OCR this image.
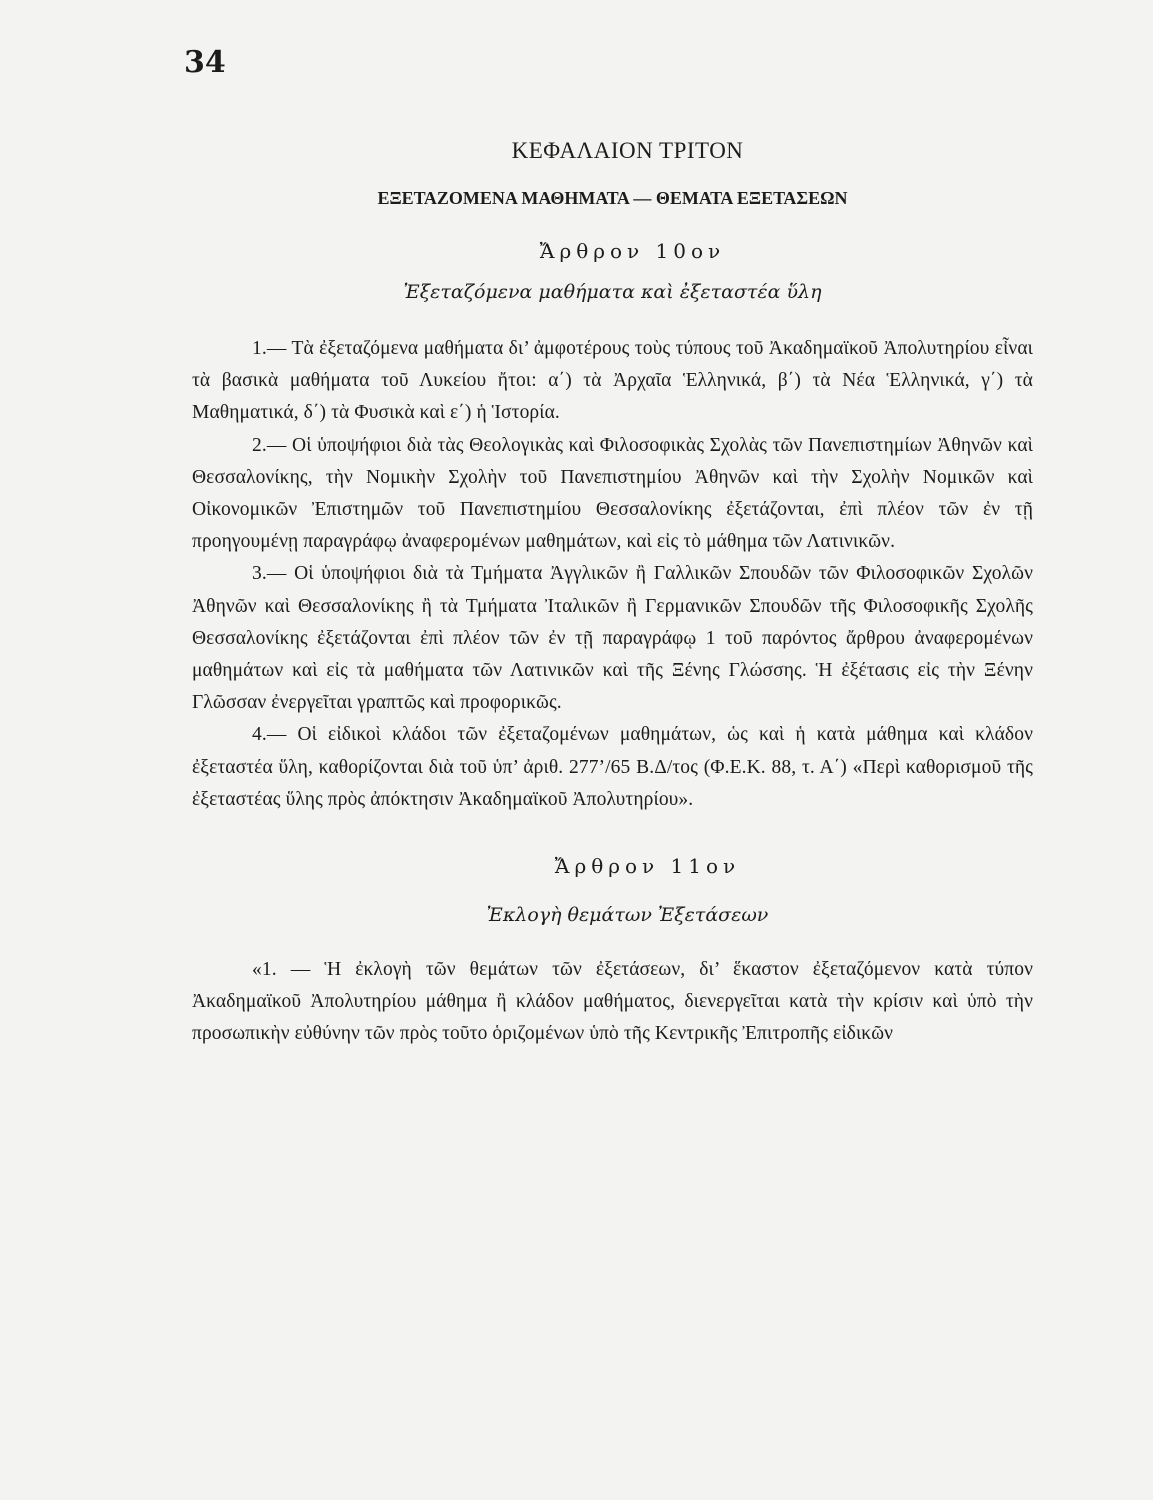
34
ΚΕΦΑΛΑΙΟΝ ΤΡΙΤΟΝ
ΕΞΕΤΑΖΟΜΕΝΑ ΜΑΘΗΜΑΤΑ — ΘΕΜΑΤΑ ΕΞΕΤΑΣΕΩΝ
Ἄρθρον 10ον
Ἐξεταζόμενα μαθήματα καὶ ἐξεταστέα ὕλη

1.— Τὰ ἐξεταζόμενα μαθήματα δι’ ἀμφοτέρους τοὺς τύπους τοῦ Ἀκαδημαϊκοῦ Ἀπολυτηρίου εἶναι τὰ βασικὰ μαθήματα τοῦ Λυκείου ἤτοι: α΄) τὰ Ἀρχαῖα Ἑλληνικά, β΄) τὰ Νέα Ἑλληνικά, γ΄) τὰ Μαθηματικά, δ΄) τὰ Φυσικὰ καὶ ε΄) ἡ Ἱστορία.

2.— Οἱ ὑποψήφιοι διὰ τὰς Θεολογικὰς καὶ Φιλοσοφικὰς Σχολὰς τῶν Πανεπιστημίων Ἀθηνῶν καὶ Θεσσαλονίκης, τὴν Νομικὴν Σχολὴν τοῦ Πανεπιστημίου Ἀθηνῶν καὶ τὴν Σχολὴν Νομικῶν καὶ Οἰκονομικῶν Ἐπιστημῶν τοῦ Πανεπιστημίου Θεσσαλονίκης ἐξετάζονται, ἐπὶ πλέον τῶν ἐν τῇ προηγουμένῃ παραγράφῳ ἀναφερομένων μαθημάτων, καὶ εἰς τὸ μάθημα τῶν Λατινικῶν.

3.— Οἱ ὑποψήφιοι διὰ τὰ Τμήματα Ἀγγλικῶν ἢ Γαλλικῶν Σπουδῶν τῶν Φιλοσοφικῶν Σχολῶν Ἀθηνῶν καὶ Θεσσαλονίκης ἢ τὰ Τμήματα Ἰταλικῶν ἢ Γερμανικῶν Σπουδῶν τῆς Φιλοσοφικῆς Σχολῆς Θεσσαλονίκης ἐξετάζονται ἐπὶ πλέον τῶν ἐν τῇ παραγράφῳ 1 τοῦ παρόντος ἄρθρου ἀναφερομένων μαθημάτων καὶ εἰς τὰ μαθήματα τῶν Λατινικῶν καὶ τῆς Ξένης Γλώσσης. Ἡ ἐξέτασις εἰς τὴν Ξένην Γλῶσσαν ἐνεργεῖται γραπτῶς καὶ προφορικῶς.

4.— Οἱ εἰδικοὶ κλάδοι τῶν ἐξεταζομένων μαθημάτων, ὡς καὶ ἡ κατὰ μάθημα καὶ κλάδον ἐξεταστέα ὕλη, καθορίζονται διὰ τοῦ ὑπ’ ἀριθ. 277’/65 Β.Δ/τος (Φ.Ε.Κ. 88, τ. Α΄) «Περὶ καθορισμοῦ τῆς ἐξεταστέας ὕλης πρὸς ἀπόκτησιν Ἀκαδημαϊκοῦ Ἀπολυτηρίου».

Ἄρθρον 11ον
Ἐκλογὴ θεμάτων Ἐξετάσεων

«1. — Ἡ ἐκλογὴ τῶν θεμάτων τῶν ἐξετάσεων, δι’ ἕκαστον ἐξεταζόμενον κατὰ τύπον Ἀκαδημαϊκοῦ Ἀπολυτηρίου μάθημα ἢ κλάδον μαθήματος, διενεργεῖται κατὰ τὴν κρίσιν καὶ ὑπὸ τὴν προσωπικὴν εὐθύνην τῶν πρὸς τοῦτο ὁριζομένων ὑπὸ τῆς Κεντρικῆς Ἐπιτροπῆς εἰδικῶν
